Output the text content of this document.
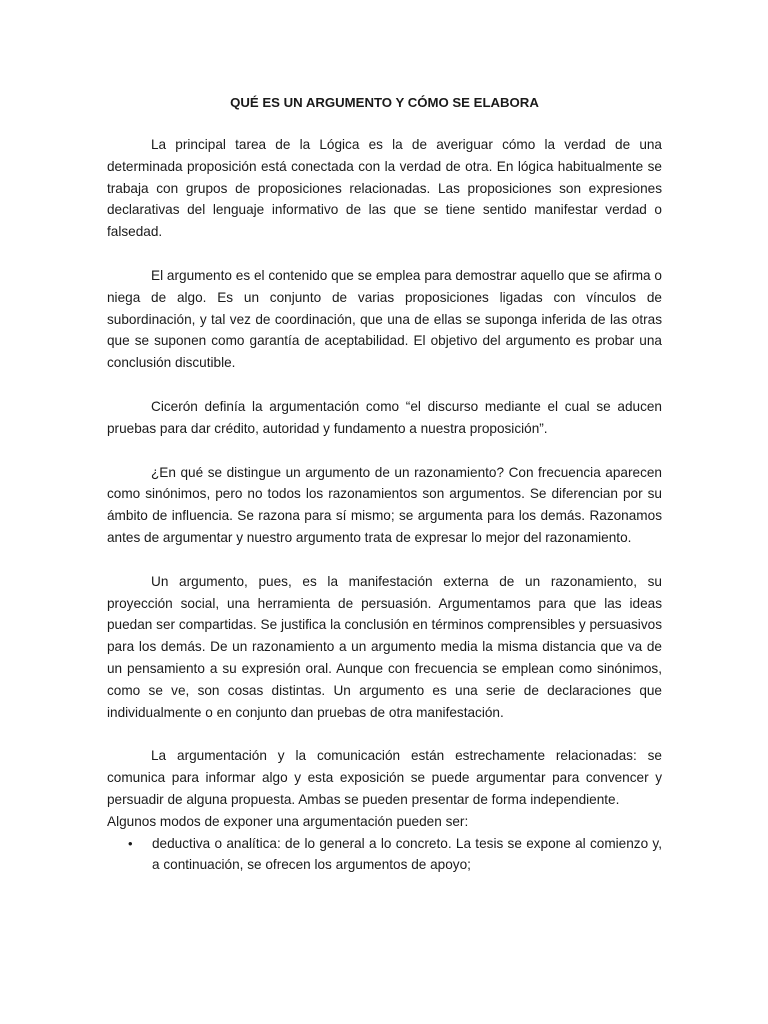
QUÉ ES UN ARGUMENTO Y CÓMO SE ELABORA

La principal tarea de la Lógica es la de averiguar cómo la verdad de una determinada proposición está conectada con la verdad de otra. En lógica habitualmente se trabaja con grupos de proposiciones relacionadas. Las proposiciones son expresiones declarativas del lenguaje informativo de las que se tiene sentido manifestar verdad o falsedad.

El argumento es el contenido que se emplea para demostrar aquello que se afirma o niega de algo. Es un conjunto de varias proposiciones ligadas con vínculos de subordinación, y tal vez de coordinación, que una de ellas se suponga inferida de las otras que se suponen como garantía de aceptabilidad. El objetivo del argumento es probar una conclusión discutible.

Cicerón definía la argumentación como “el discurso mediante el cual se aducen pruebas para dar crédito, autoridad y fundamento a nuestra proposición”.

¿En qué se distingue un argumento de un razonamiento? Con frecuencia aparecen como sinónimos, pero no todos los razonamientos son argumentos. Se diferencian por su ámbito de influencia. Se razona para sí mismo; se argumenta para los demás. Razonamos antes de argumentar y nuestro argumento trata de expresar lo mejor del razonamiento.

Un argumento, pues, es la manifestación externa de un razonamiento, su proyección social, una herramienta de persuasión. Argumentamos para que las ideas puedan ser compartidas. Se justifica la conclusión en términos comprensibles y persuasivos para los demás. De un razonamiento a un argumento media la misma distancia que va de un pensamiento a su expresión oral. Aunque con frecuencia se emplean como sinónimos, como se ve, son cosas distintas. Un argumento es una serie de declaraciones que individualmente o en conjunto dan pruebas de otra manifestación.

La argumentación y la comunicación están estrechamente relacionadas: se comunica para informar algo y esta exposición se puede argumentar para convencer y persuadir de alguna propuesta. Ambas se pueden presentar de forma independiente.

Algunos modos de exponer una argumentación pueden ser:

• deductiva o analítica: de lo general a lo concreto. La tesis se expone al comienzo y, a continuación, se ofrecen los argumentos de apoyo;
